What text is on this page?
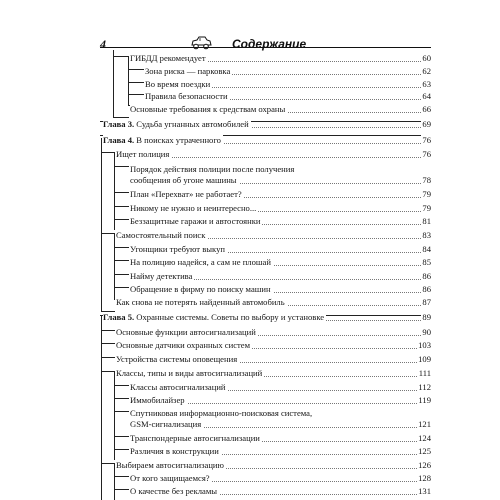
4	Содержание
ГИБДД рекомендует	60
Зона риска — парковка	62
Во время поездки	63
Правила безопасности	64
Основные требования к средствам охраны	66
Глава 3. Судьба угнанных автомобилей	69
Глава 4. В поисках утраченного	76
Ищет полиция	76
Порядок действия полиции после получения
сообщения об угоне машины	78
План «Перехват» не работает?	79
Никому не нужно и неинтересно...	79
Беззащитные гаражи и автостоянки	81
Самостоятельный поиск	83
Угонщики требуют выкуп	84
На полицию надейся, а сам не плошай	85
Найму детектива	86
Обращение в фирму по поиску машин	86
Как снова не потерять найденный автомобиль	87
Глава 5. Охранные системы. Советы по выбору и установке	89
Основные функции автосигнализаций	90
Основные датчики охранных систем	103
Устройства системы оповещения	109
Классы, типы и виды автосигнализаций	111
Классы автосигнализаций	112
Иммобилайзер	119
Спутниковая информационно-поисковая система,
GSM-сигнализация	121
Транспондерные автосигнализации	124
Различия в конструкции	125
Выбираем автосигнализацию	126
От кого защищаемся?	128
О качестве без рекламы	131
